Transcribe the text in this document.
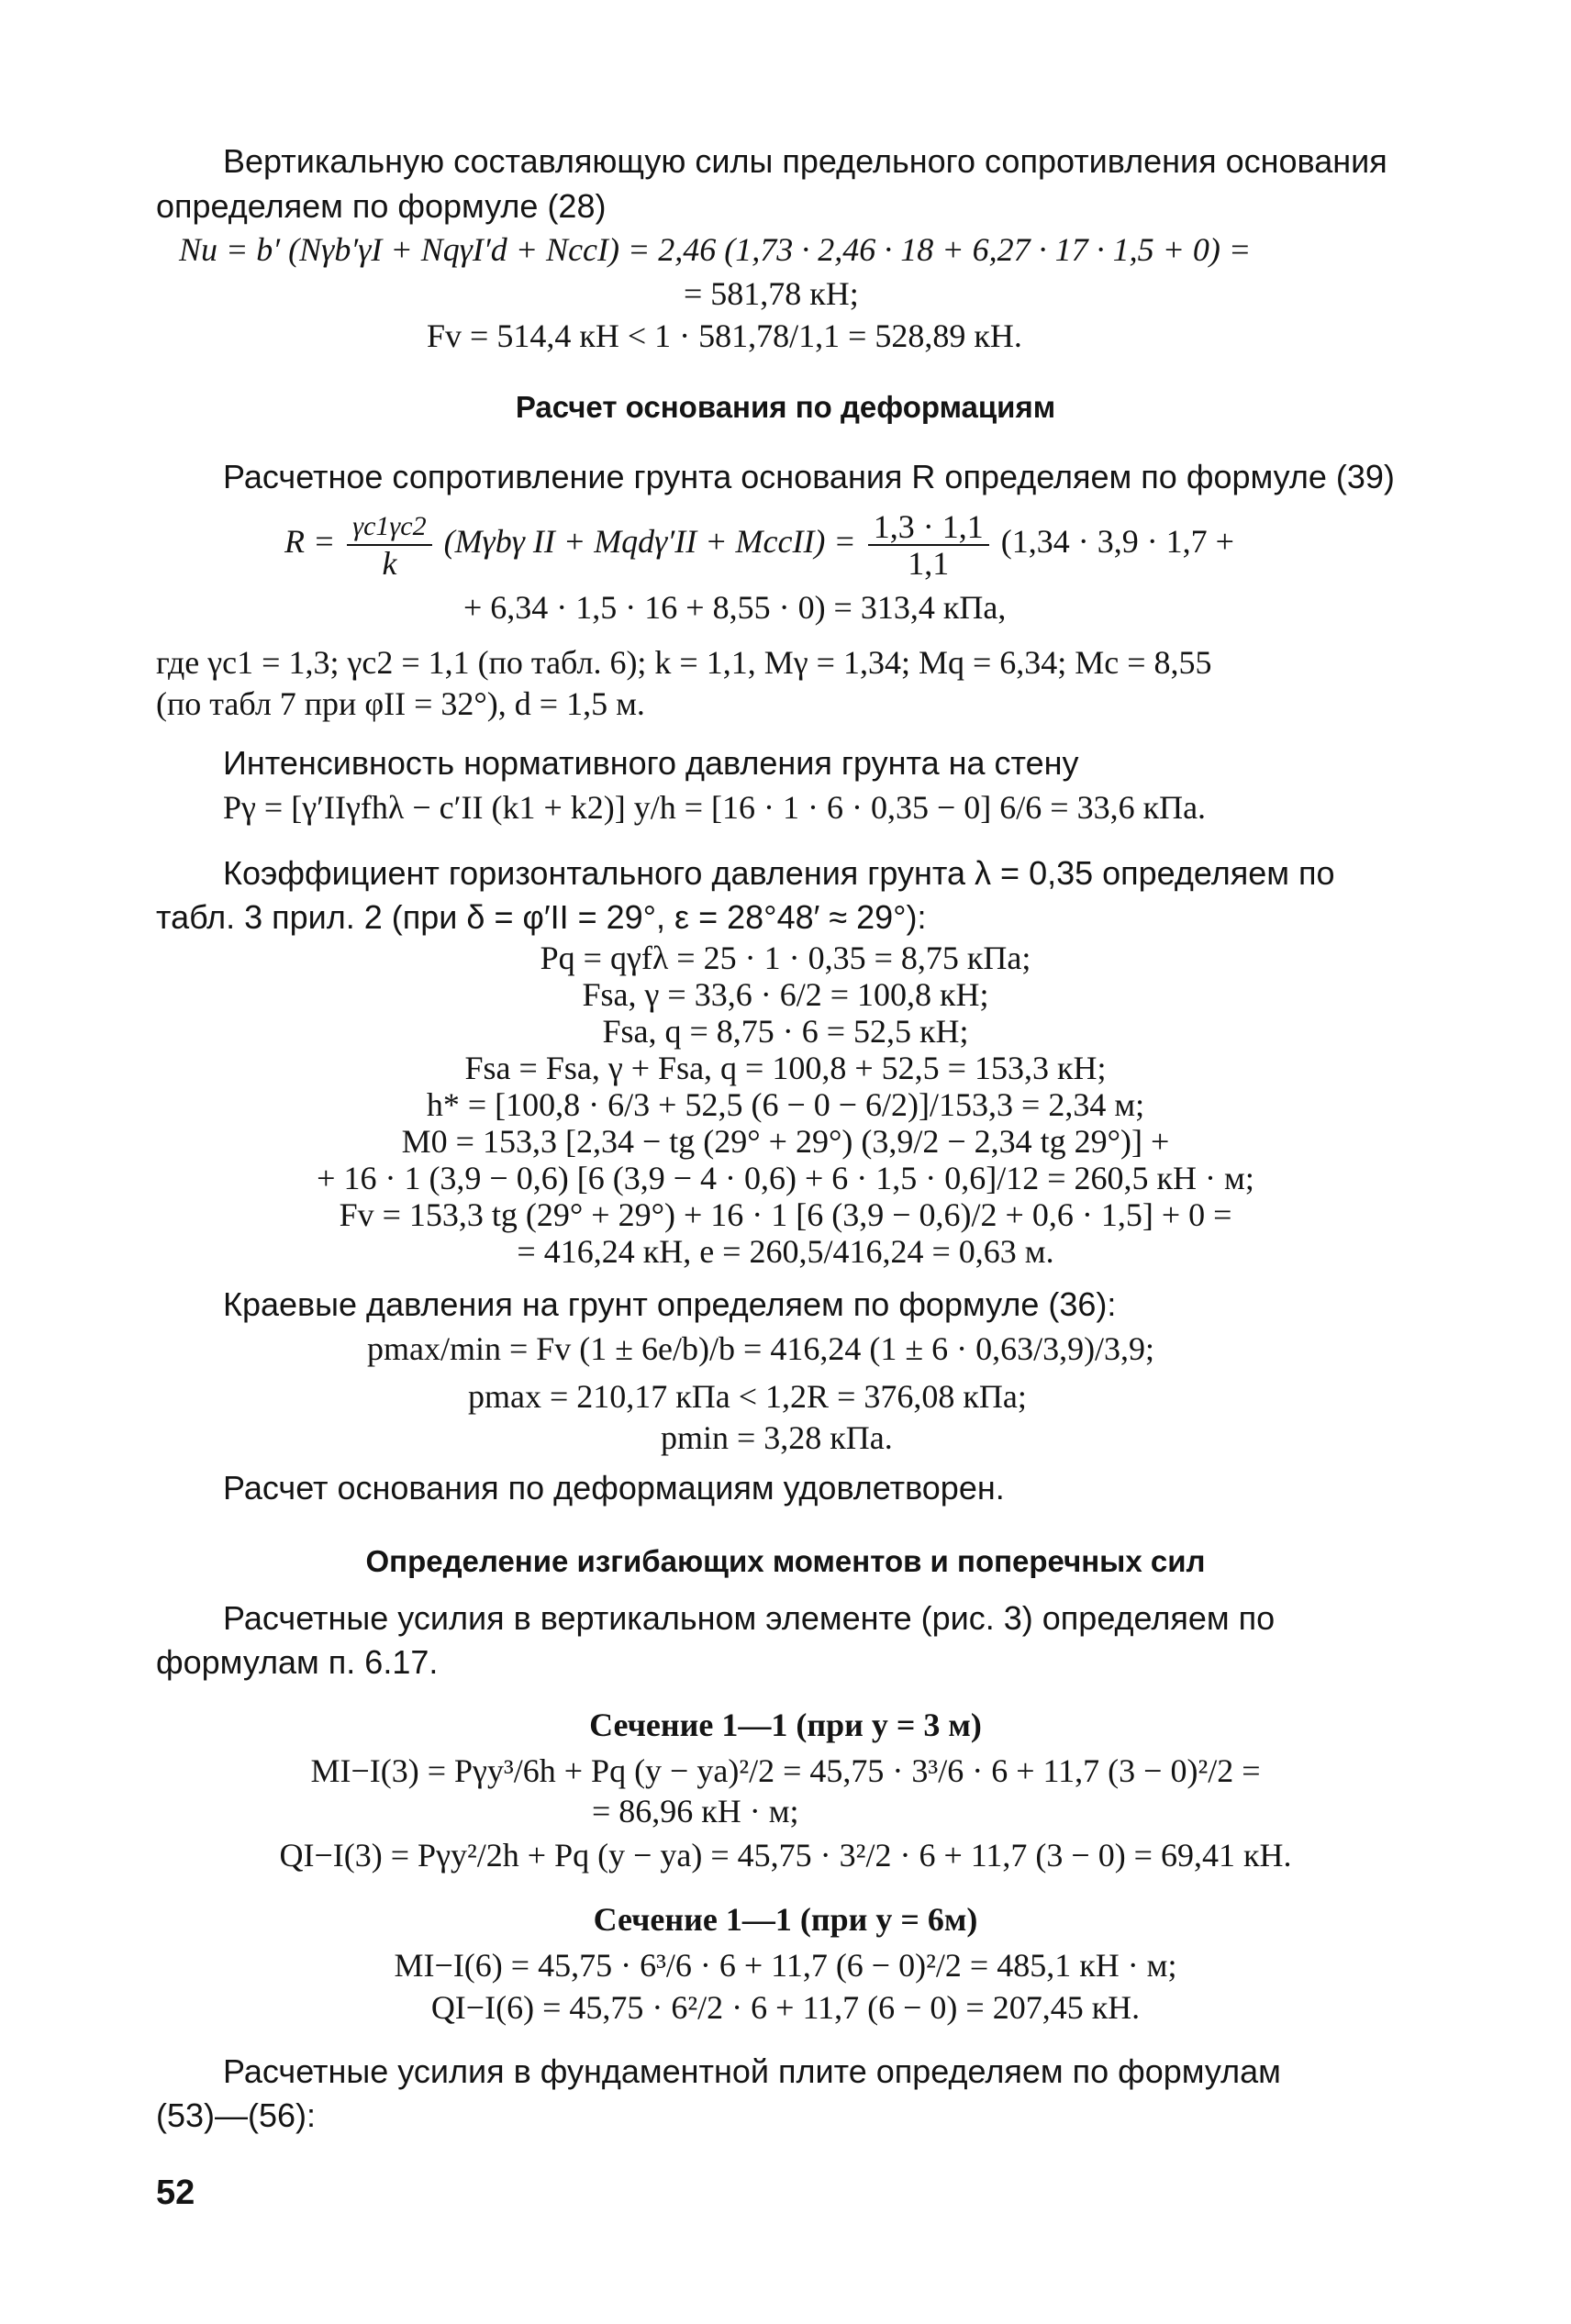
Вертикальную составляющую силы предельного сопротивления основания
определяем по формуле (28)
Nu = b′ (Nγb′γI + NqγI′d + NcсI) = 2,46 (1,73 · 2,46 · 18 + 6,27 · 17 · 1,5 + 0) =
= 581,78 кН;
Fv = 514,4 кН < 1 · 581,78/1,1 = 528,89 кН.
Расчет основания по деформациям
Расчетное сопротивление грунта основания R определяем по формуле (39)
$R = \frac{\gamma c1\gamma c2}{k} (M\gamma b\gamma$ II + Mqdγ′II + McсII) = $\frac{1,3 \cdot 1,1}{1,1} (1,34 \cdot 3,9 \cdot 1,7$ +
+ 6,34 · 1,5 · 16 + 8,55 · 0) = 313,4 кПа,
где γc1 = 1,3; γc2 = 1,1 (по табл. 6); k = 1,1, Mγ = 1,34; Mq = 6,34; Mc = 8,55
(по табл 7 при φII = 32°), d = 1,5 м.
Интенсивность нормативного давления грунта на стену
Pγ = [γ′IIγfhλ − c′II (k1 + k2)] y/h = [16 · 1 · 6 · 0,35 − 0] 6/6 = 33,6 кПа.
Коэффициент горизонтального давления грунта λ = 0,35 определяем по
табл. 3 прил. 2 (при δ = φ′II = 29°, ε = 28°48′ ≈ 29°):
Pq = qγfλ = 25 · 1 · 0,35 = 8,75 кПа;
Fsa, γ = 33,6 · 6/2 = 100,8 кН;
Fsa, q = 8,75 · 6 = 52,5 кН;
Fsa = Fsa, γ + Fsa, q = 100,8 + 52,5 = 153,3 кН;
h* = [100,8 · 6/3 + 52,5 (6 − 0 − 6/2)]/153,3 = 2,34 м;
M0 = 153,3 [2,34 − tg (29° + 29°) (3,9/2 − 2,34 tg 29°)] +
+ 16 · 1 (3,9 − 0,6) [6 (3,9 − 4 · 0,6) + 6 · 1,5 · 0,6]/12 = 260,5 кН · м;
Fv = 153,3 tg (29° + 29°) + 16 · 1 [6 (3,9 − 0,6)/2 + 0,6 · 1,5] + 0 =
= 416,24 кН, e = 260,5/416,24 = 0,63 м.
Краевые давления на грунт определяем по формуле (36):
pmax/min = Fv (1 ± 6e/b)/b = 416,24 (1 ± 6 · 0,63/3,9)/3,9;
pmax = 210,17 кПа < 1,2R = 376,08 кПа;
pmin = 3,28 кПа.
Расчет основания по деформациям удовлетворен.
Определение изгибающих моментов и поперечных сил
Расчетные усилия в вертикальном элементе (рис. 3) определяем по
формулам п. 6.17.
Сечение 1—1 (при y = 3 м)
MI−I(3) = Pγy³/6h + Pq (y − ya)²/2 = 45,75 · 3³/6 · 6 + 11,7 (3 − 0)²/2 =
= 86,96 кН · м;
QI−I(3) = Pγy²/2h + Pq (y − ya) = 45,75 · 3²/2 · 6 + 11,7 (3 − 0) = 69,41 кН.
Сечение 1—1 (при y = 6м)
MI−I(6) = 45,75 · 6³/6 · 6 + 11,7 (6 − 0)²/2 = 485,1 кН · м;
QI−I(6) = 45,75 · 6²/2 · 6 + 11,7 (6 − 0) = 207,45 кН.
Расчетные усилия в фундаментной плите определяем по формулам
(53)—(56):
52
